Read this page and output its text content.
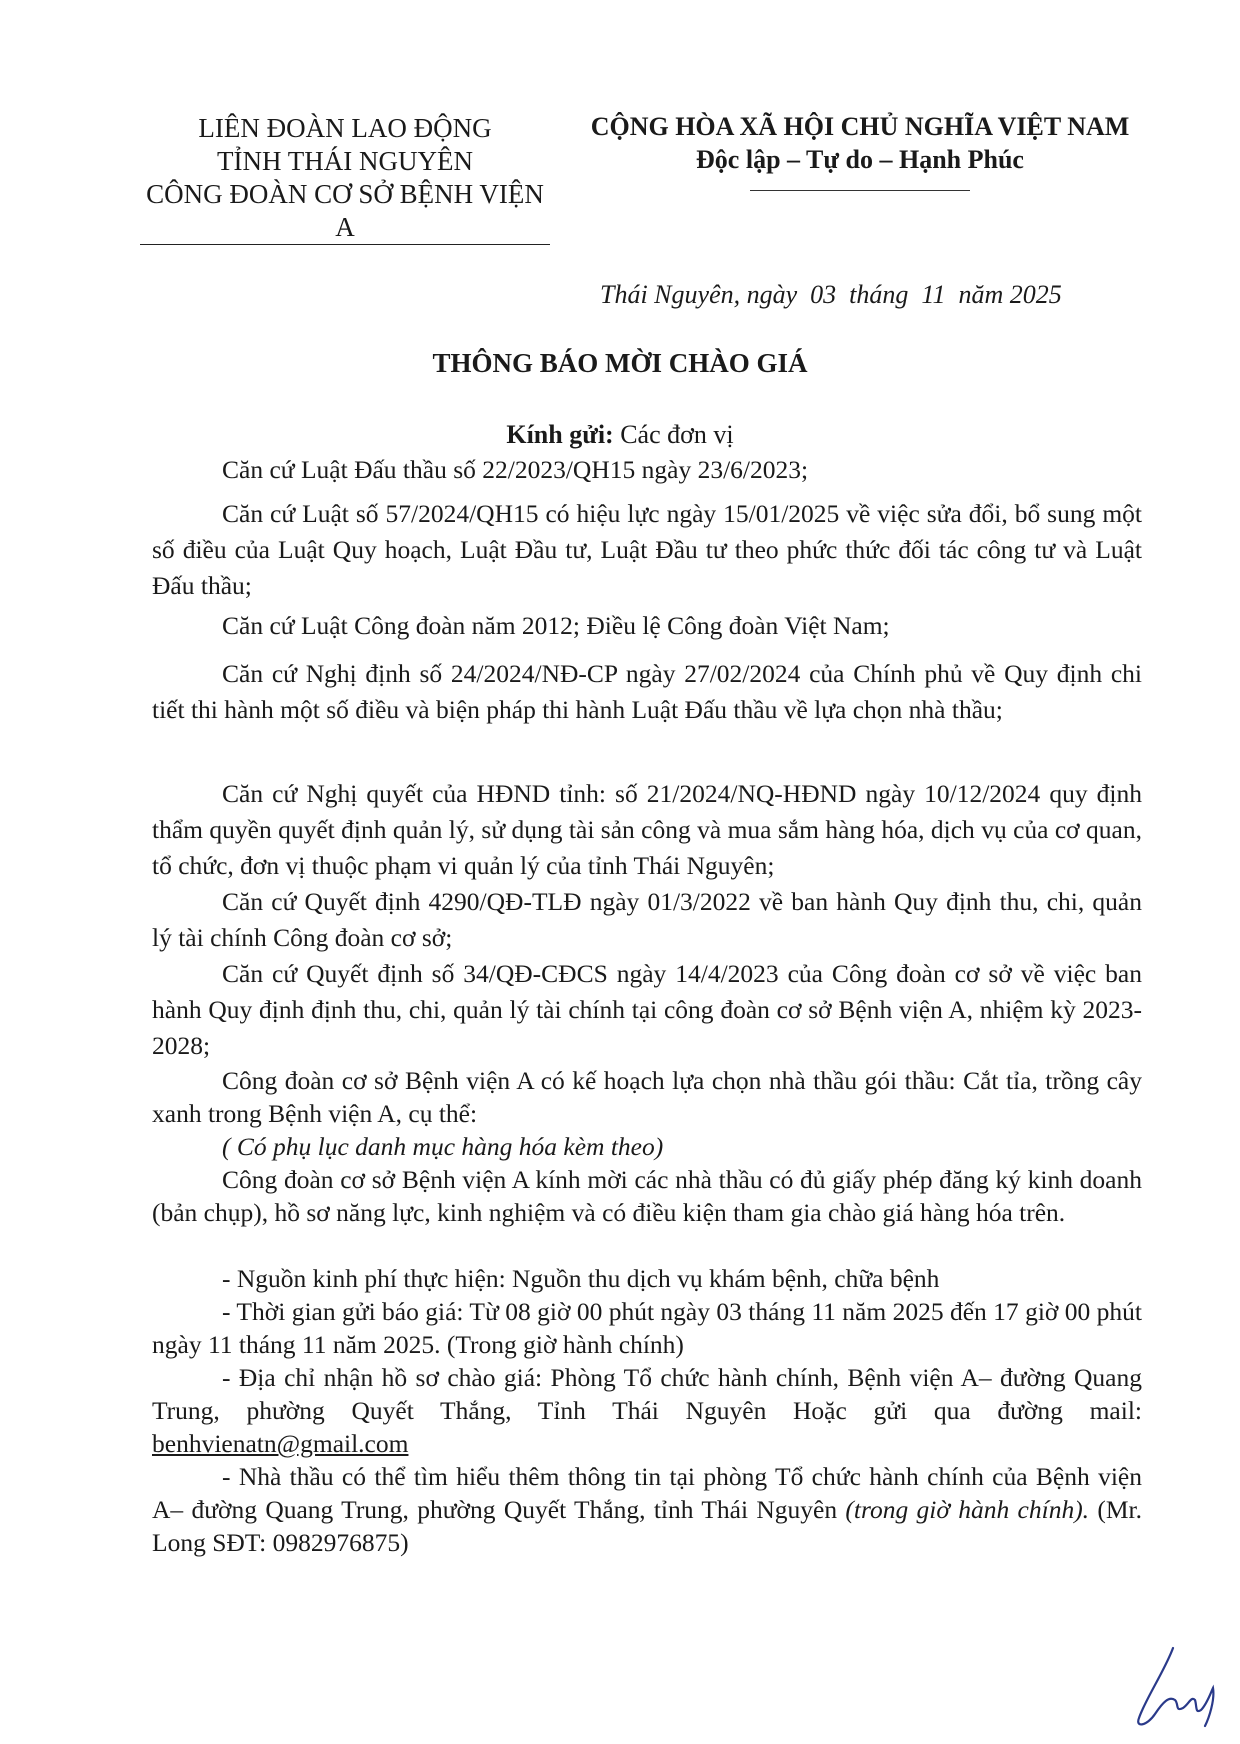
LIÊN ĐOÀN LAO ĐỘNG
TỈNH THÁI NGUYÊN
CÔNG ĐOÀN CƠ SỞ BỆNH VIỆN A
CỘNG HÒA XÃ HỘI CHỦ NGHĨA VIỆT NAM
Độc lập – Tự do – Hạnh Phúc
Thái Nguyên, ngày  03  tháng  11  năm 2025
THÔNG BÁO MỜI CHÀO GIÁ
Kính gửi: Các đơn vị
Căn cứ Luật Đấu thầu số 22/2023/QH15 ngày 23/6/2023;
Căn cứ Luật số 57/2024/QH15 có hiệu lực ngày 15/01/2025 về việc sửa đổi, bổ sung một số điều của Luật Quy hoạch, Luật Đầu tư, Luật Đầu tư theo phức thức đối tác công tư và Luật Đấu thầu;
Căn cứ Luật Công đoàn năm 2012; Điều lệ Công đoàn Việt Nam;
Căn cứ Nghị định số 24/2024/NĐ-CP ngày 27/02/2024 của Chính phủ về Quy định chi tiết thi hành một số điều và biện pháp thi hành Luật Đấu thầu về lựa chọn nhà thầu;
Căn cứ Nghị quyết của HĐND tỉnh: số 21/2024/NQ-HĐND ngày 10/12/2024 quy định thẩm quyền quyết định quản lý, sử dụng tài sản công và mua sắm hàng hóa, dịch vụ của cơ quan, tổ chức, đơn vị thuộc phạm vi quản lý của tỉnh Thái Nguyên;
Căn cứ Quyết định 4290/QĐ-TLĐ ngày 01/3/2022 về ban hành Quy định thu, chi, quản lý tài chính Công đoàn cơ sở;
Căn cứ Quyết định số 34/QĐ-CĐCS ngày 14/4/2023 của Công đoàn cơ sở về việc ban hành Quy định định thu, chi, quản lý tài chính tại công đoàn cơ sở Bệnh viện A, nhiệm kỳ 2023-2028;
Công đoàn cơ sở Bệnh viện A có kế hoạch lựa chọn nhà thầu gói thầu: Cắt tỉa, trồng cây xanh trong Bệnh viện A, cụ thể:
( Có phụ lục danh mục hàng hóa kèm theo)
Công đoàn cơ sở Bệnh viện A kính mời các nhà thầu có đủ giấy phép đăng ký kinh doanh (bản chụp), hồ sơ năng lực, kinh nghiệm và có điều kiện tham gia chào giá hàng hóa trên.
- Nguồn kinh phí thực hiện: Nguồn thu dịch vụ khám bệnh, chữa bệnh
- Thời gian gửi báo giá: Từ 08 giờ 00 phút ngày 03 tháng 11 năm 2025 đến 17 giờ 00 phút ngày 11 tháng 11 năm 2025. (Trong giờ hành chính)
- Địa chỉ nhận hồ sơ chào giá: Phòng Tổ chức hành chính, Bệnh viện A– đường Quang Trung, phường Quyết Thắng, Tỉnh Thái Nguyên Hoặc gửi qua đường mail: benhvienatn@gmail.com
- Nhà thầu có thể tìm hiểu thêm thông tin tại phòng Tổ chức hành chính của Bệnh viện A– đường Quang Trung, phường Quyết Thắng, tỉnh Thái Nguyên (trong giờ hành chính). (Mr. Long SĐT: 0982976875)
